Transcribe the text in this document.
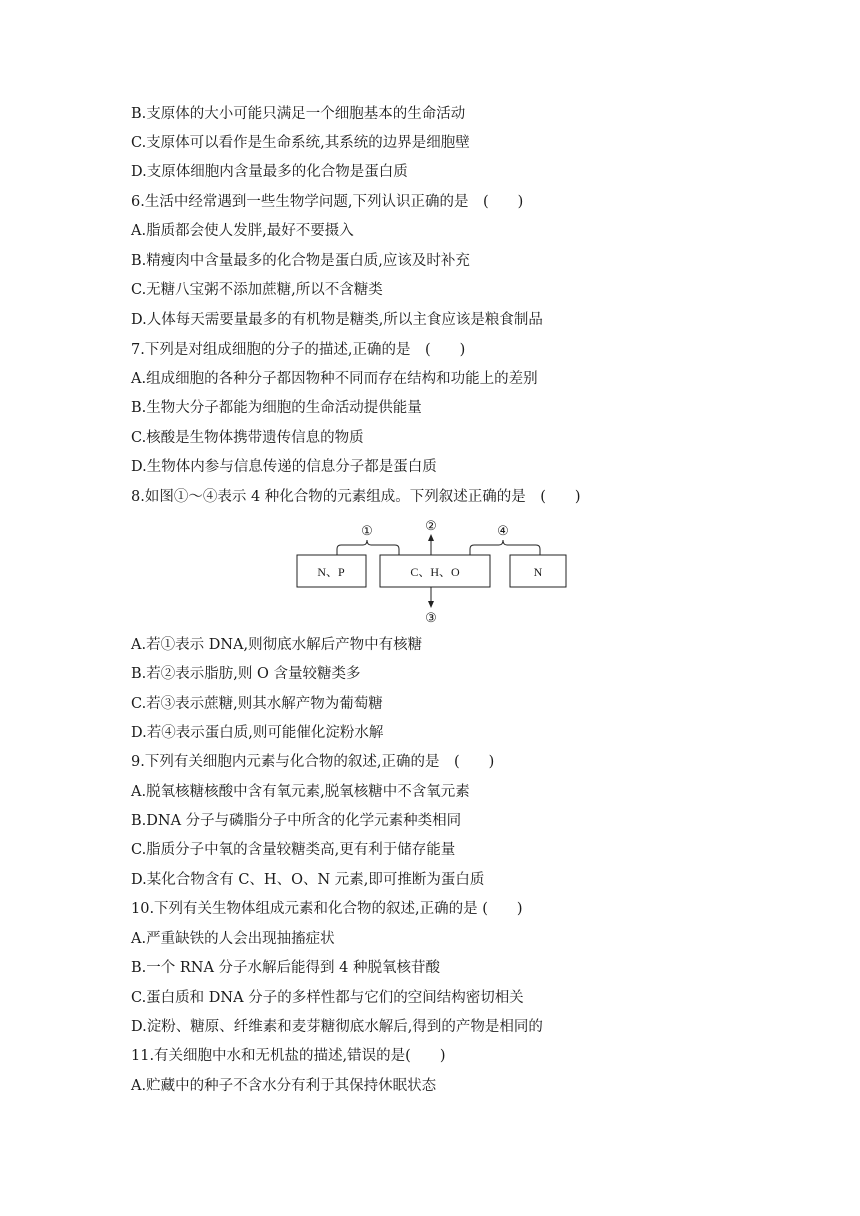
B.支原体的大小可能只满足一个细胞基本的生命活动
C.支原体可以看作是生命系统,其系统的边界是细胞壁
D.支原体细胞内含量最多的化合物是蛋白质
6.生活中经常遇到一些生物学问题,下列认识正确的是　(　　)
A.脂质都会使人发胖,最好不要摄入
B.精瘦肉中含量最多的化合物是蛋白质,应该及时补充
C.无糖八宝粥不添加蔗糖,所以不含糖类
D.人体每天需要量最多的有机物是糖类,所以主食应该是粮食制品
7.下列是对组成细胞的分子的描述,正确的是　(　　)
A.组成细胞的各种分子都因物种不同而存在结构和功能上的差别
B.生物大分子都能为细胞的生命活动提供能量
C.核酸是生物体携带遗传信息的物质
D.生物体内参与信息传递的信息分子都是蛋白质
8.如图①～④表示 4 种化合物的元素组成。下列叙述正确的是　(　　)
N、P	C、H、O	N
①	②	④
③
A.若①表示 DNA,则彻底水解后产物中有核糖
B.若②表示脂肪,则 O 含量较糖类多
C.若③表示蔗糖,则其水解产物为葡萄糖
D.若④表示蛋白质,则可能催化淀粉水解
9.下列有关细胞内元素与化合物的叙述,正确的是　(　　)
A.脱氧核糖核酸中含有氧元素,脱氧核糖中不含氧元素
B.DNA 分子与磷脂分子中所含的化学元素种类相同
C.脂质分子中氧的含量较糖类高,更有利于储存能量
D.某化合物含有 C、H、O、N 元素,即可推断为蛋白质
10.下列有关生物体组成元素和化合物的叙述,正确的是 (　　)
A.严重缺铁的人会出现抽搐症状
B.一个 RNA 分子水解后能得到 4 种脱氧核苷酸
C.蛋白质和 DNA 分子的多样性都与它们的空间结构密切相关
D.淀粉、糖原、纤维素和麦芽糖彻底水解后,得到的产物是相同的
11.有关细胞中水和无机盐的描述,错误的是(　　)
A.贮藏中的种子不含水分有利于其保持休眠状态
